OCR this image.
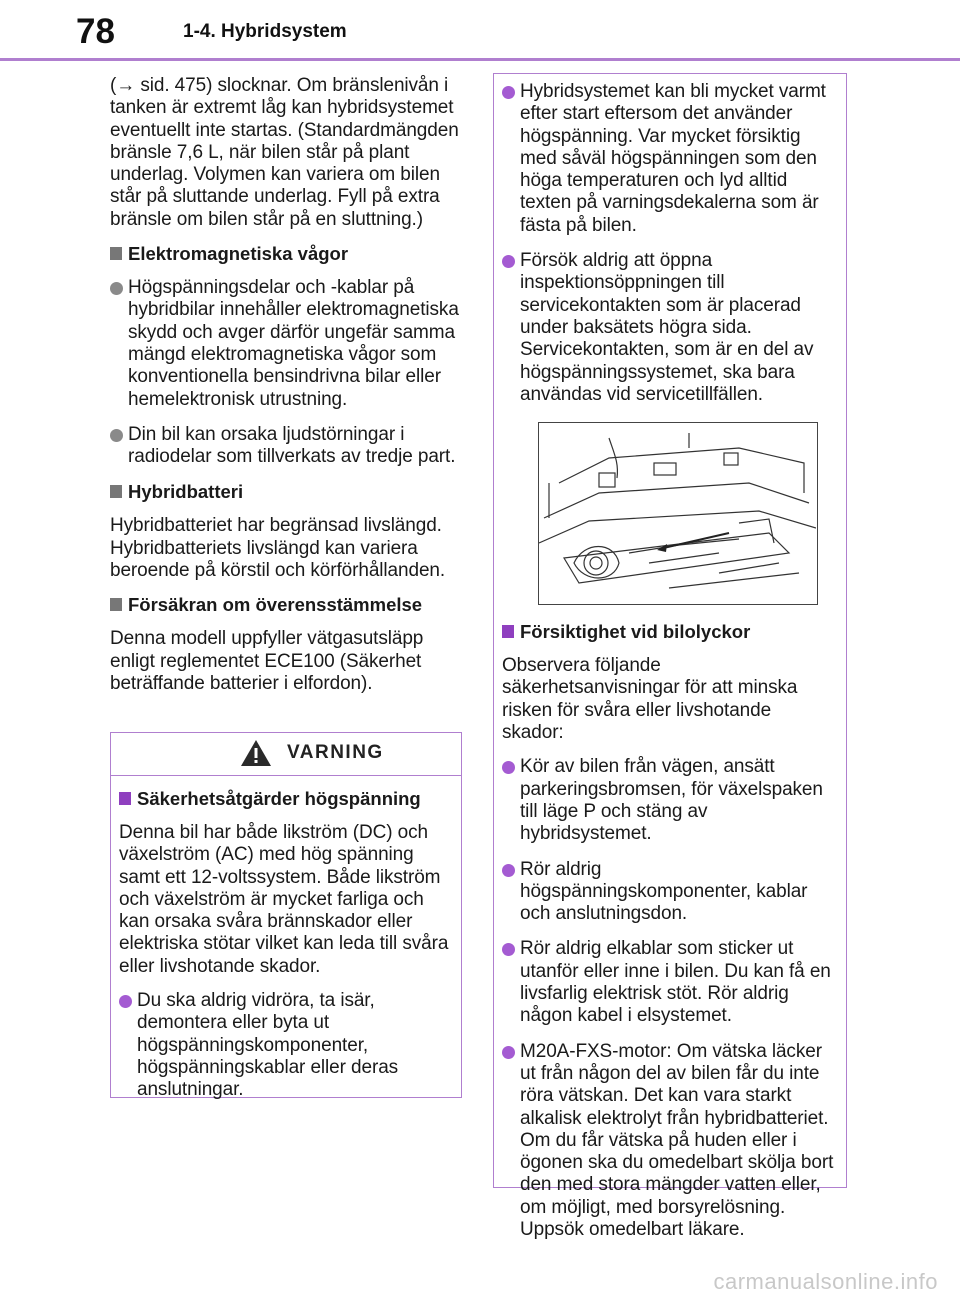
78	1-4. Hybridsystem

(→ sid. 475) slocknar. Om bränslenivån i tanken är extremt låg kan hybridsystemet eventuellt inte startas. (Standardmängden bränsle 7,6 L, när bilen står på plant underlag. Volymen kan variera om bilen står på sluttande underlag. Fyll på extra bränsle om bilen står på en sluttning.)

Elektromagnetiska vågor

Högspänningsdelar och -kablar på hybridbilar innehåller elektromagnetiska skydd och avger därför ungefär samma mängd elektromagnetiska vågor som konventionella bensindrivna bilar eller hemelektronisk utrustning.

Din bil kan orsaka ljudstörningar i radiodelar som tillverkats av tredje part.

Hybridbatteri

Hybridbatteriet har begränsad livslängd. Hybridbatteriets livslängd kan variera beroende på körstil och körförhållanden.

Försäkran om överensstämmelse

Denna modell uppfyller vätgasutsläpp enligt reglementet ECE100 (Säkerhet beträffande batterier i elfordon).

VARNING
Säkerhetsåtgärder högspänning

Denna bil har både likström (DC) och växelström (AC) med hög spänning samt ett 12-voltssystem. Både likström och växelström är mycket farliga och kan orsaka svåra brännskador eller elektriska stötar vilket kan leda till svåra eller livshotande skador.

Du ska aldrig vidröra, ta isär, demontera eller byta ut högspänningskomponenter, högspänningskablar eller deras anslutningar.

Hybridsystemet kan bli mycket varmt efter start eftersom det använder högspänning. Var mycket försiktig med såväl högspänningen som den höga temperaturen och lyd alltid texten på varningsdekalerna som är fästa på bilen.

Försök aldrig att öppna inspektionsöppningen till servicekontakten som är placerad under baksätets högra sida. Servicekontakten, som är en del av högspänningssystemet, ska bara användas vid servicetillfällen.

Försiktighet vid bilolyckor

Observera följande säkerhetsanvisningar för att minska risken för svåra eller livshotande skador:

Kör av bilen från vägen, ansätt parkeringsbromsen, för växelspaken till läge P och stäng av hybridsystemet.

Rör aldrig högspänningskomponenter, kablar och anslutningsdon.

Rör aldrig elkablar som sticker ut utanför eller inne i bilen. Du kan få en livsfarlig elektrisk stöt. Rör aldrig någon kabel i elsystemet.

M20A-FXS-motor: Om vätska läcker ut från någon del av bilen får du inte röra vätskan. Det kan vara starkt alkalisk elektrolyt från hybridbatteriet. Om du får vätska på huden eller i ögonen ska du omedelbart skölja bort den med stora mängder vatten eller, om möjligt, med borsyrelösning. Uppsök omedelbart läkare.

carmanualsonline.info
